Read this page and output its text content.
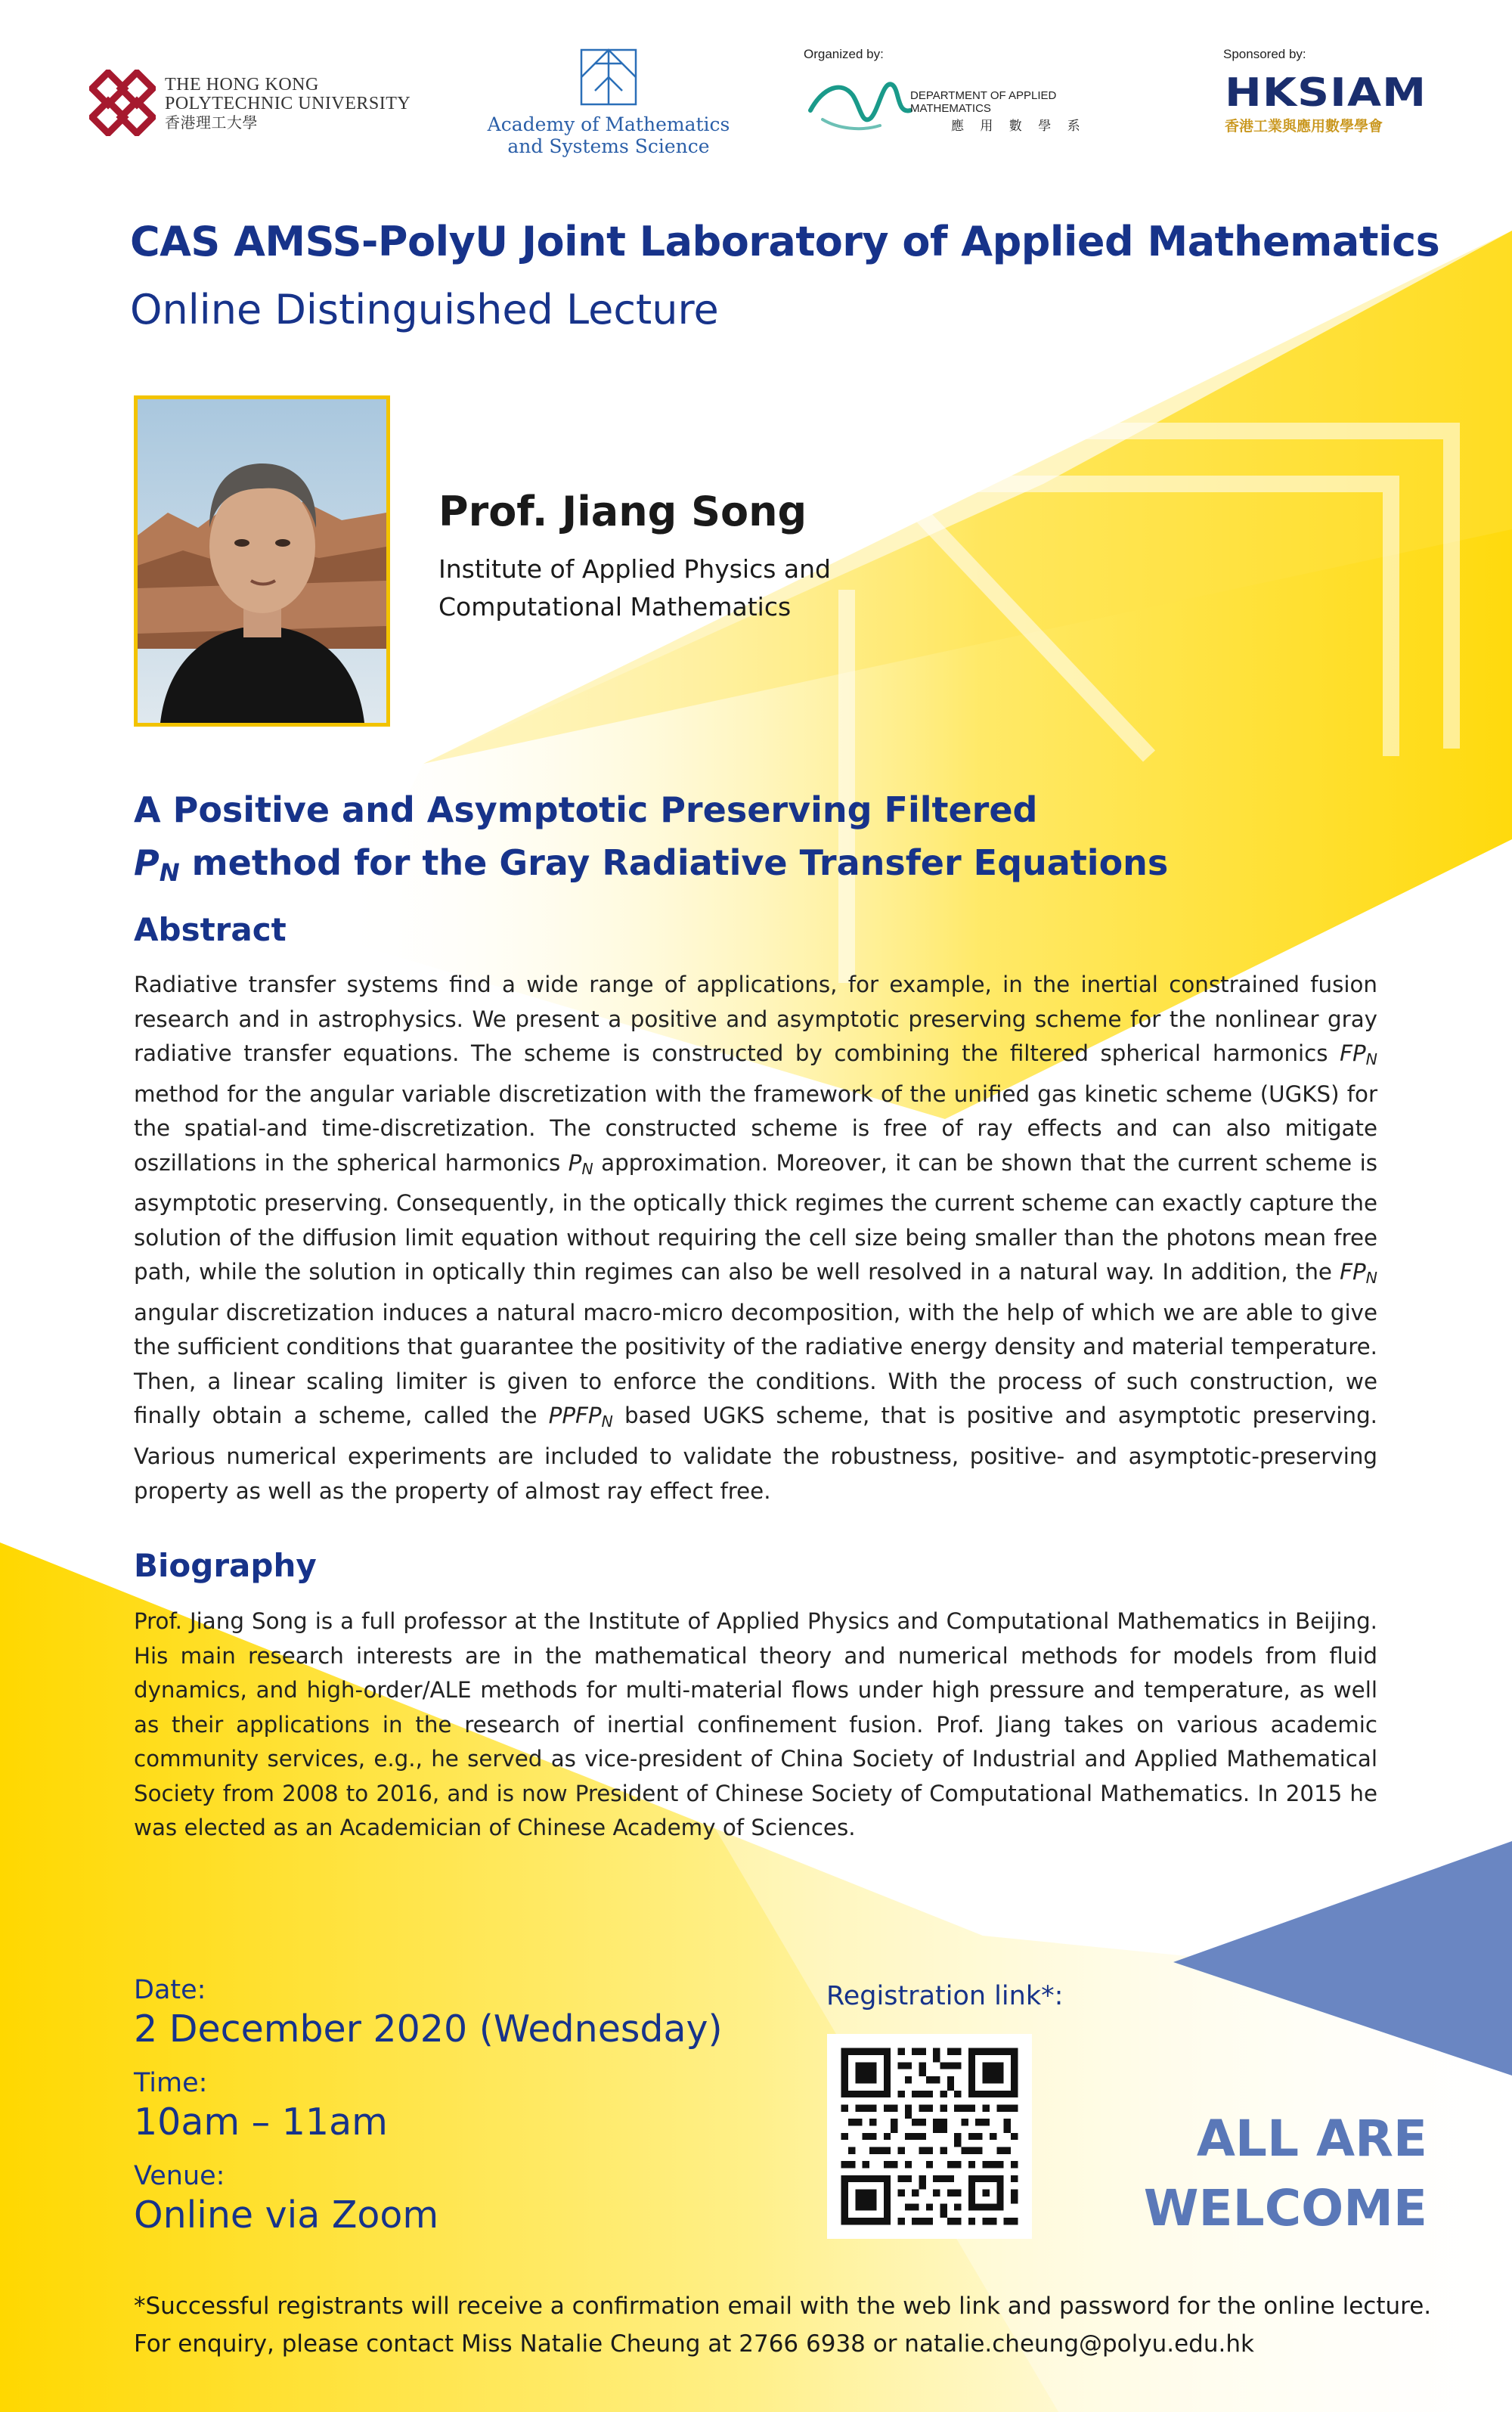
THE HONG KONG
POLYTECHNIC UNIVERSITY
香港理工大學	Academy of Mathematics
and Systems Science
Organized by:
DEPARTMENT OF APPLIED MATHEMATICS
應 用 數 學 系
Sponsored by:
HKSIAM
香港工業與應用數學學會
CAS AMSS-PolyU Joint Laboratory of Applied Mathematics
Online Distinguished Lecture
Prof. Jiang Song
Institute of Applied Physics and
Computational Mathematics
A Positive and Asymptotic Preserving Filtered
$P_N$ method for the Gray Radiative Transfer Equations
Abstract
Radiative transfer systems find a wide range of applications, for example, in the inertial constrained fusion research and in astrophysics. We present a positive and asymptotic preserving scheme for the nonlinear gray radiative transfer equations. The scheme is constructed by combining the filtered spherical harmonics $FP_N$ method for the angular variable discretization with the framework of the unified gas kinetic scheme (UGKS) for the spatial-and time-discretization. The constructed scheme is free of ray effects and can also mitigate oszillations in the spherical harmonics $P_N$ approximation. Moreover, it can be shown that the current scheme is asymptotic preserving. Consequently, in the optically thick regimes the current scheme can exactly capture the solution of the diffusion limit equation without requiring the cell size being smaller than the photons mean free path, while the solution in optically thin regimes can also be well resolved in a natural way. In addition, the $FP_N$ angular discretization induces a natural macro-micro decomposition, with the help of which we are able to give the sufficient conditions that guarantee the positivity of the radiative energy density and material temperature. Then, a linear scaling limiter is given to enforce the conditions. With the process of such construction, we finally obtain a scheme, called the $PPFP_N$ based UGKS scheme, that is positive and asymptotic preserving. Various numerical experiments are included to validate the robustness, positive- and asymptotic-preserving property as well as the property of almost ray effect free.
Biography
Prof. Jiang Song is a full professor at the Institute of Applied Physics and Computational Mathematics in Beijing. His main research interests are in the mathematical theory and numerical methods for models from fluid dynamics, and high-order/ALE methods for multi-material flows under high pressure and temperature, as well as their applications in the research of inertial confinement fusion. Prof. Jiang takes on various academic community services, e.g., he served as vice-president of China Society of Industrial and Applied Mathematical Society from 2008 to 2016, and is now President of Chinese Society of Computational Mathematics. In 2015 he was elected as an Academician of Chinese Academy of Sciences.
Date:
2 December 2020 (Wednesday)
Time:
10am – 11am
Venue:
Online via Zoom
Registration link*:
ALL ARE
WELCOME
*Successful registrants will receive a confirmation email with the web link and password for the online lecture.
For enquiry, please contact Miss Natalie Cheung at 2766 6938 or natalie.cheung@polyu.edu.hk
